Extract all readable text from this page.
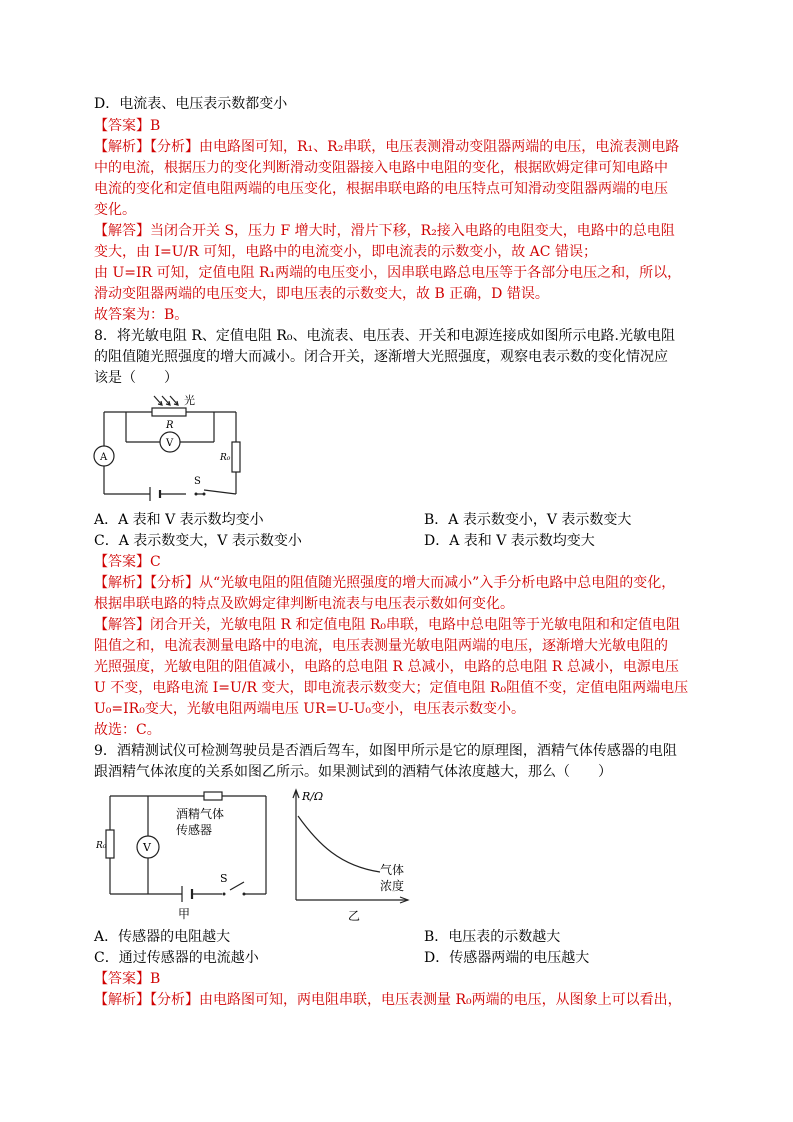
D．电流表、电压表示数都变小
【答案】B
【解析】【分析】由电路图可知，R₁、R₂串联，电压表测滑动变阻器两端的电压，电流表测电路
中的电流，根据压力的变化判断滑动变阻器接入电路中电阻的变化，根据欧姆定律可知电路中
电流的变化和定值电阻两端的电压变化，根据串联电路的电压特点可知滑动变阻器两端的电压
变化。
【解答】当闭合开关 S，压力 F 增大时，滑片下移，R₂接入电路的电阻变大，电路中的总电阻
变大，由 I=U/R 可知，电路中的电流变小，即电流表的示数变小，故 AC 错误；
由 U=IR 可知，定值电阻 R₁两端的电压变小，因串联电路总电压等于各部分电压之和，所以，
滑动变阻器两端的电压变大，即电压表的示数变大，故 B 正确，D 错误。
故答案为：B。
8．将光敏电阻 R、定值电阻 R₀、电流表、电压表、开关和电源连接成如图所示电路.光敏电阻
的阻值随光照强度的增大而减小。闭合开关，逐渐增大光照强度，观察电表示数的变化情况应
该是（　　）
光
R
V
A	R₀
S
A．A 表和 V 表示数均变小	B．A 表示数变小，V 表示数变大
C．A 表示数变大，V 表示数变小	D．A 表和 V 表示数均变大
【答案】C
【解析】【分析】从“光敏电阻的阻值随光照强度的增大而减小”入手分析电路中总电阻的变化，
根据串联电路的特点及欧姆定律判断电流表与电压表示数如何变化。
【解答】闭合开关，光敏电阻 R 和定值电阻 R₀串联，电路中总电阻等于光敏电阻和和定值电阻
阻值之和，电流表测量电路中的电流，电压表测量光敏电阻两端的电压，逐渐增大光敏电阻的
光照强度，光敏电阻的阻值减小，电路的总电阻 R 总减小，电路的总电阻 R 总减小，电源电压
U 不变，电路电流 I=U/R 变大，即电流表示数变大；定值电阻 R₀阻值不变，定值电阻两端电压
U₀=IR₀变大，光敏电阻两端电压 UR=U-U₀变小，电压表示数变小。
故选：C。
9．酒精测试仪可检测驾驶员是否酒后驾车，如图甲所示是它的原理图，酒精气体传感器的电阻
跟酒精气体浓度的关系如图乙所示。如果测试到的酒精气体浓度越大，那么（　　）
酒精气体
传感器
R₀	V
S
甲
R/Ω
气体
浓度
乙
A．传感器的电阻越大	B．电压表的示数越大
C．通过传感器的电流越小	D．传感器两端的电压越大
【答案】B
【解析】【分析】由电路图可知，两电阻串联，电压表测量 R₀两端的电压，从图象上可以看出，
